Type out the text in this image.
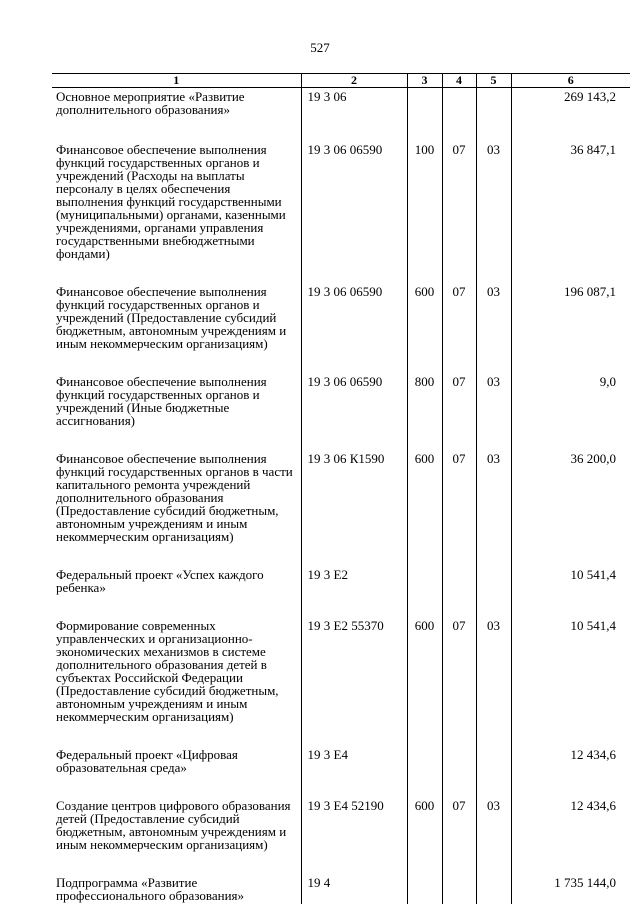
527
1	2	3	4	5	6
Основное мероприятие «Развитие дополнительного образования»	19 3 06				269 143,2
Финансовое обеспечение выполнения функций государственных органов и учреждений (Расходы на выплаты персоналу в целях обеспечения выполнения функций государственными (муниципальными) органами, казенными учреждениями, органами управления государственными внебюджетными фондами)	19 3 06 06590	100	07	03	36 847,1
Финансовое обеспечение выполнения функций государственных органов и учреждений (Предоставление субсидий бюджетным, автономным учреждениям и иным некоммерческим организациям)	19 3 06 06590	600	07	03	196 087,1
Финансовое обеспечение выполнения функций государственных органов и учреждений (Иные бюджетные ассигнования)	19 3 06 06590	800	07	03	9,0
Финансовое обеспечение выполнения функций государственных органов в части капитального ремонта учреждений дополнительного образования (Предоставление субсидий бюджетным, автономным учреждениям и иным некоммерческим организациям)	19 3 06 К1590	600	07	03	36 200,0
Федеральный проект «Успех каждого ребенка»	19 3 E2				10 541,4
Формирование современных управленческих и организационно-экономических механизмов в системе дополнительного образования детей в субъектах Российской Федерации (Предоставление субсидий бюджетным, автономным учреждениям и иным некоммерческим организациям)	19 3 E2 55370	600	07	03	10 541,4
Федеральный проект «Цифровая образовательная среда»	19 3 E4				12 434,6
Создание центров цифрового образования детей (Предоставление субсидий бюджетным, автономным учреждениям и иным некоммерческим организациям)	19 3 E4 52190	600	07	03	12 434,6
Подпрограмма «Развитие профессионального образования»	19 4				1 735 144,0
